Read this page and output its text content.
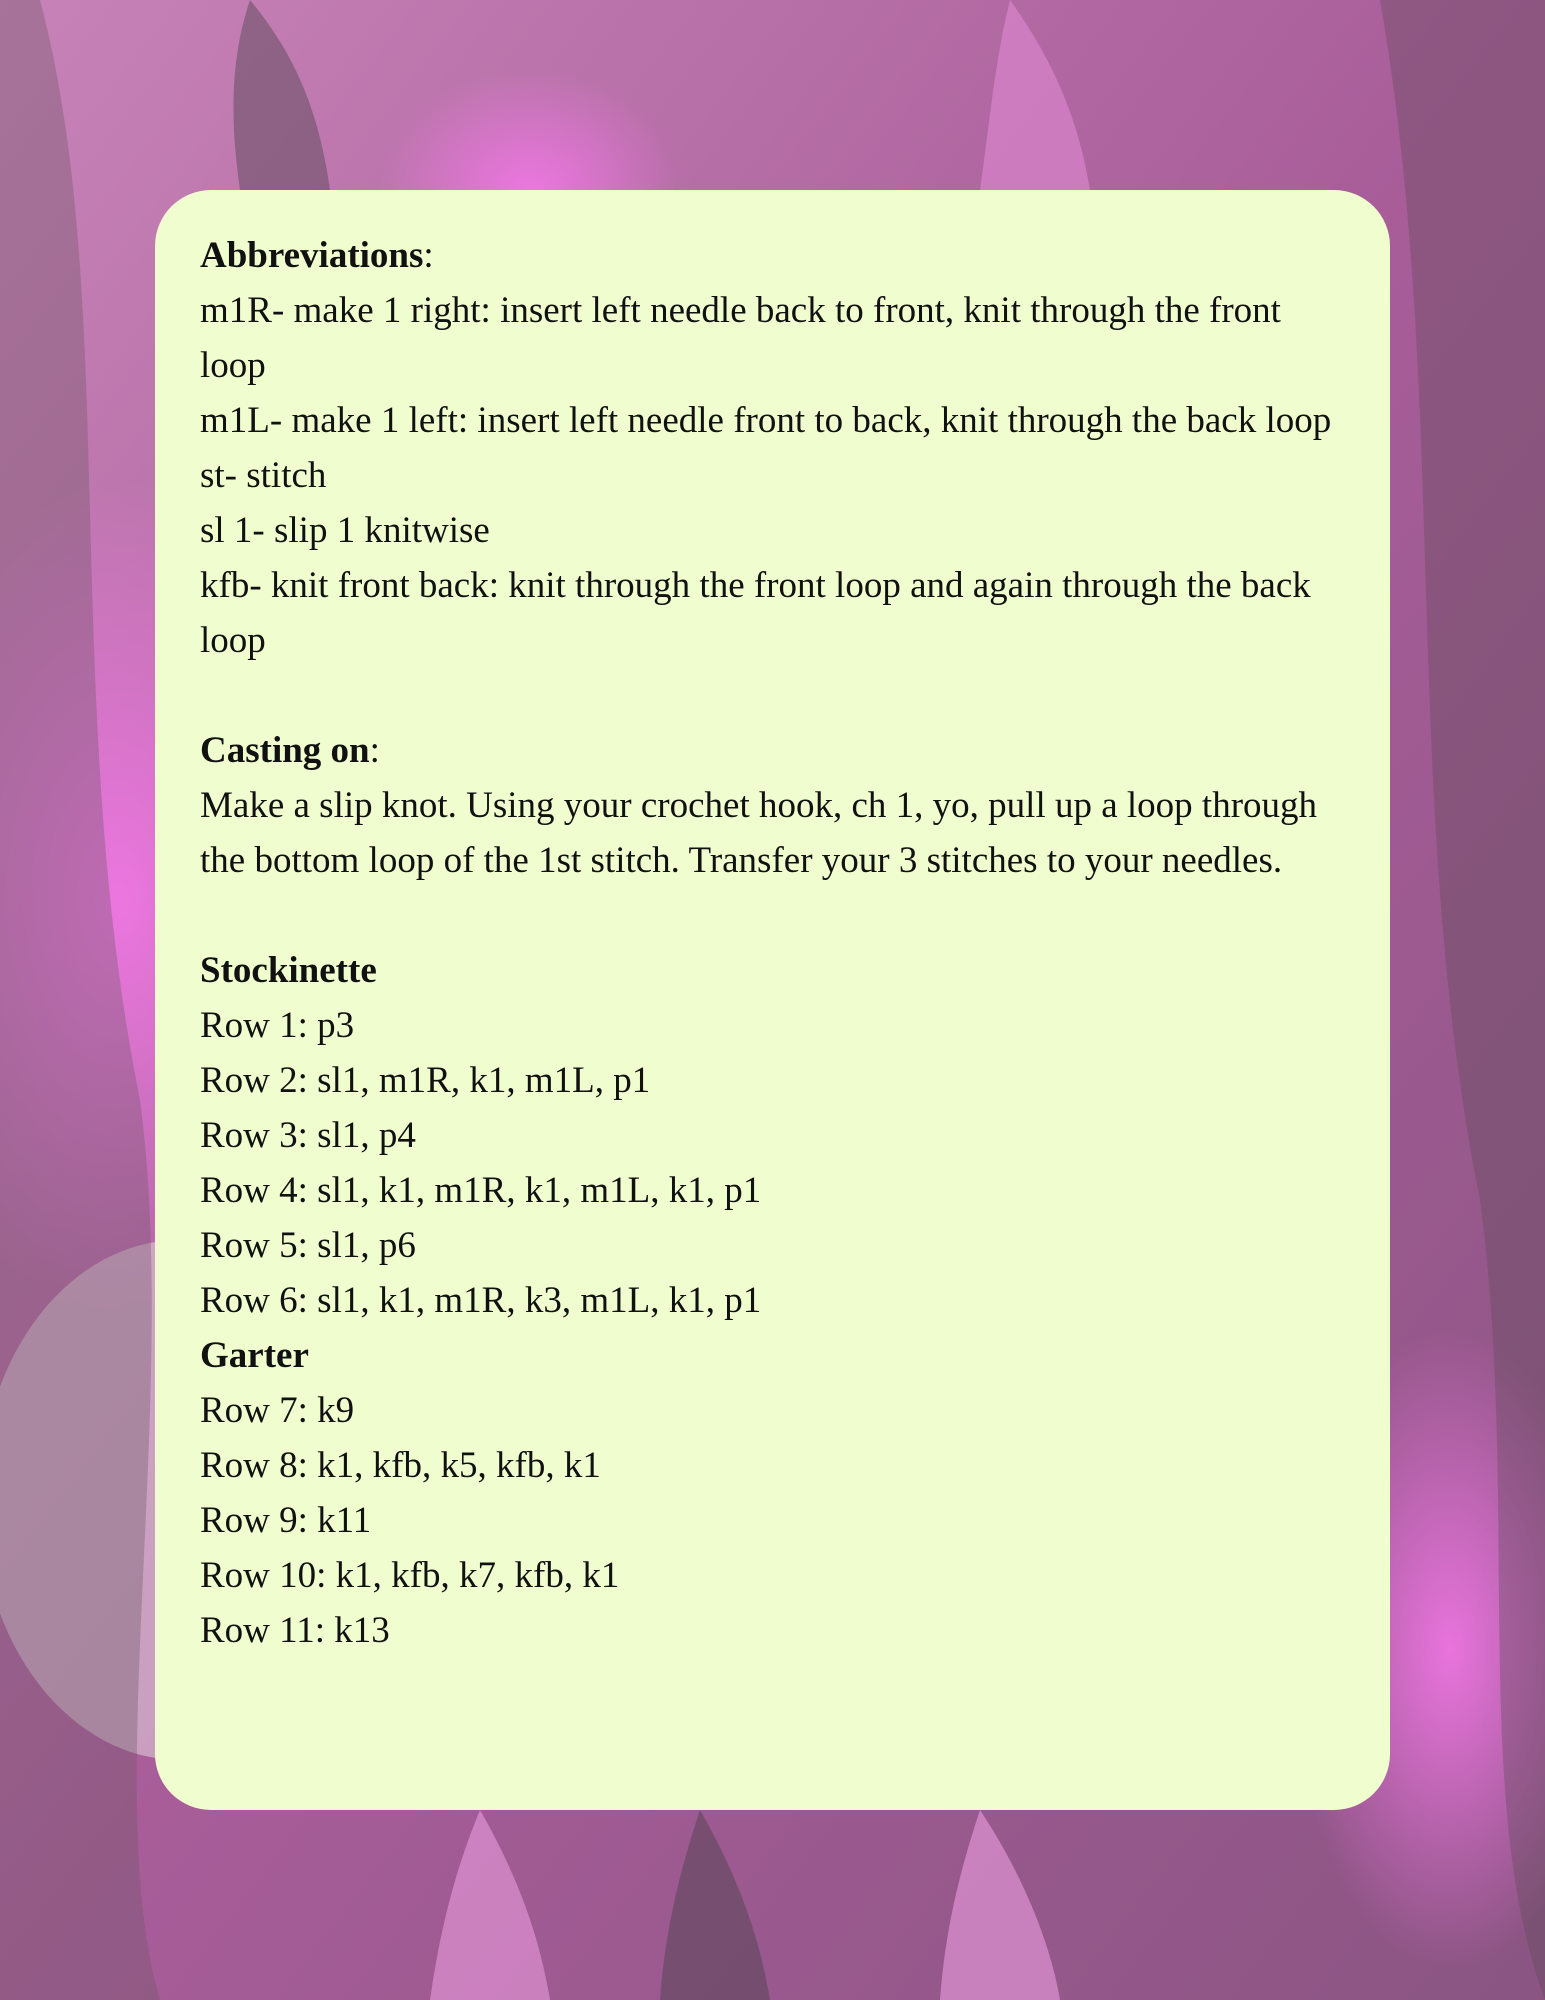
Abbreviations:

m1R- make 1 right: insert left needle back to front, knit through the front loop

m1L- make 1 left: insert left needle front to back, knit through the back loop

st- stitch

sl 1- slip 1 knitwise

kfb- knit front back: knit through the front loop and again through the back loop

Casting on:

Make a slip knot. Using your crochet hook, ch 1, yo, pull up a loop through the bottom loop of the 1st stitch. Transfer your 3 stitches to your needles.

Stockinette

Row 1: p3

Row 2: sl1, m1R, k1, m1L, p1

Row 3: sl1, p4

Row 4: sl1, k1, m1R, k1, m1L, k1, p1

Row 5: sl1, p6

Row 6: sl1, k1, m1R, k3, m1L, k1, p1

Garter

Row 7: k9

Row 8: k1, kfb, k5, kfb, k1

Row 9: k11

Row 10: k1, kfb, k7, kfb, k1

Row 11: k13
